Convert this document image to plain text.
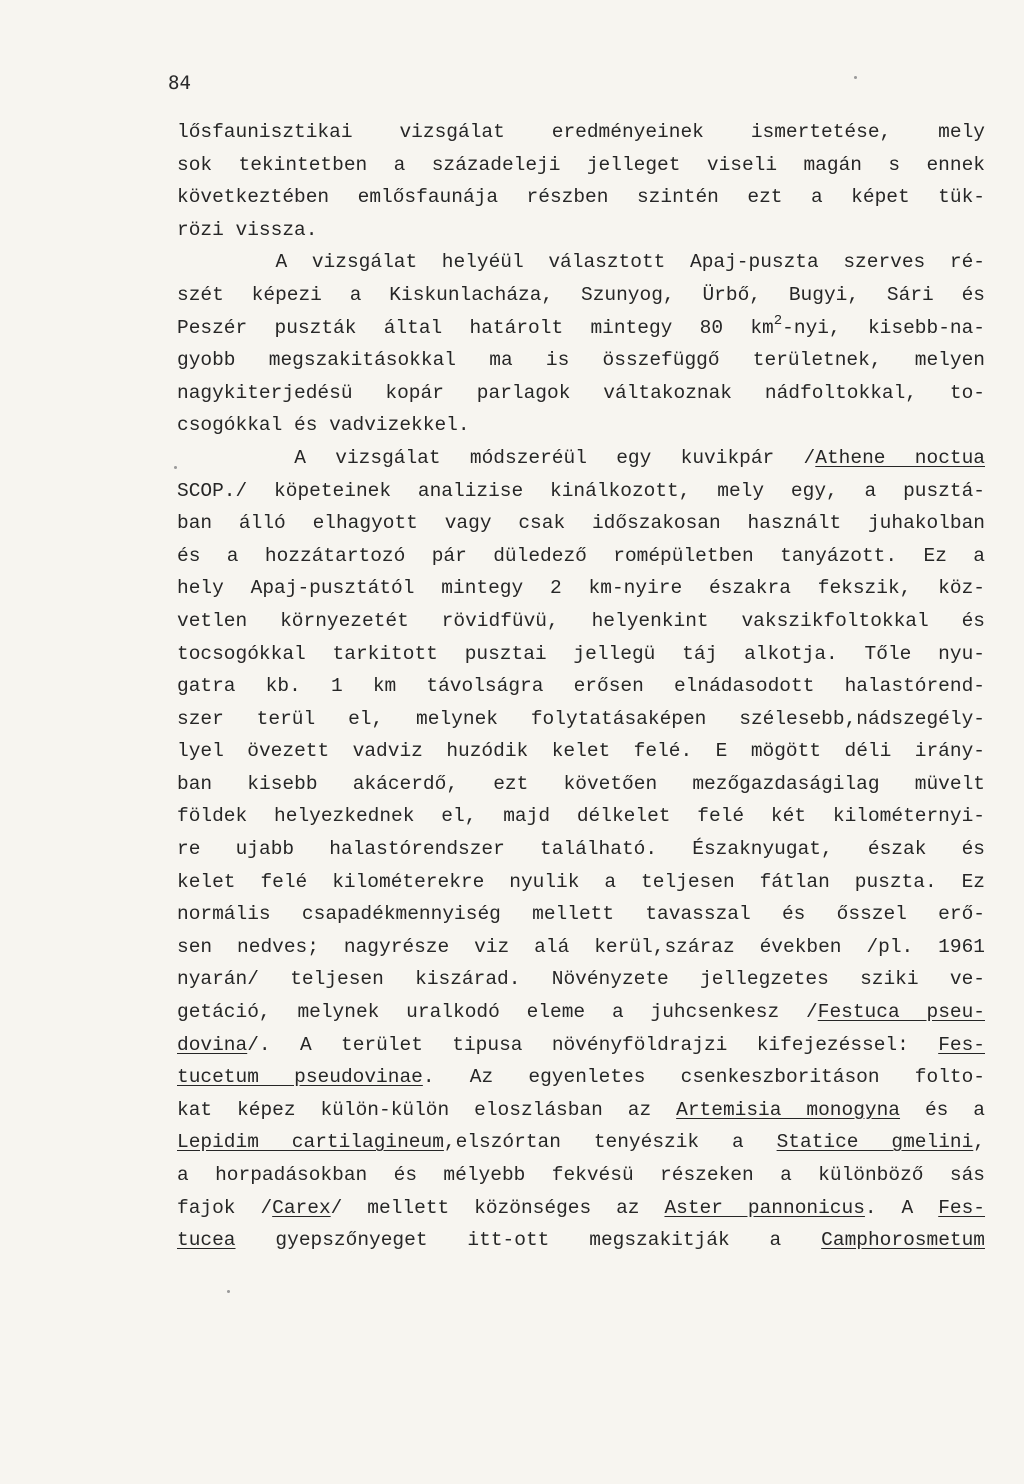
84
lősfaunisztikai vizsgálat eredményeinek ismertetése, mely
sok tekintetben a századeleji jelleget viseli magán s ennek
következtében emlősfaunája részben szintén ezt a képet tük-
rözi vissza.
A vizsgálat helyéül választott Apaj-puszta szerves ré-
szét képezi a Kiskunlacháza, Szunyog, Ürbő, Bugyi, Sári és
Peszér puszták által határolt mintegy 80 $km^2$-nyi, kisebb-na-
gyobb megszakitásokkal ma is összefüggő területnek, melyen
nagykiterjedésü kopár parlagok váltakoznak nádfoltokkal, to-
csogókkal és vadvizekkel.
A vizsgálat módszeréül egy kuvikpár /Athene noctua
SCOP./ köpeteinek analizise kinálkozott, mely egy, a pusztá-
ban álló elhagyott vagy csak időszakosan használt juhakolban
és a hozzátartozó pár düledező romépületben tanyázott. Ez a
hely Apaj-pusztától mintegy 2 km-nyire északra fekszik, köz-
vetlen környezetét rövidfüvü, helyenkint vakszikfoltokkal és
tocsogókkal tarkitott pusztai jellegü táj alkotja. Tőle nyu-
gatra kb. 1 km távolságra erősen elnádasodott halastórend-
szer terül el, melynek folytatásaképen szélesebb,nádszegély-
lyel övezett vadviz huzódik kelet felé. E mögött déli irány-
ban kisebb akácerdő, ezt követően mezőgazdaságilag müvelt
földek helyezkednek el, majd délkelet felé két kilométernyi-
re ujabb halastórendszer található. Északnyugat, észak és
kelet felé kilométerekre nyulik a teljesen fátlan puszta. Ez
normális csapadékmennyiség mellett tavasszal és ősszel erő-
sen nedves; nagyrésze viz alá kerül,száraz években /pl. 1961
nyarán/ teljesen kiszárad. Növényzete jellegzetes sziki ve-
getáció, melynek uralkodó eleme a juhcsenkesz /Festuca pseu-
dovina/. A terület tipusa növényföldrajzi kifejezéssel: Fes-
tucetum pseudovinae. Az egyenletes csenkeszboritáson folto-
kat képez külön-külön eloszlásban az Artemisia monogyna és a
Lepidim cartilagineum,elszórtan tenyészik a Statice gmelini,
a horpadásokban és mélyebb fekvésü részeken a különböző sás
fajok /Carex/ mellett közönséges az Aster pannonicus. A Fes-
tucea gyepszőnyeget itt-ott megszakitják a Camphorosmetum
